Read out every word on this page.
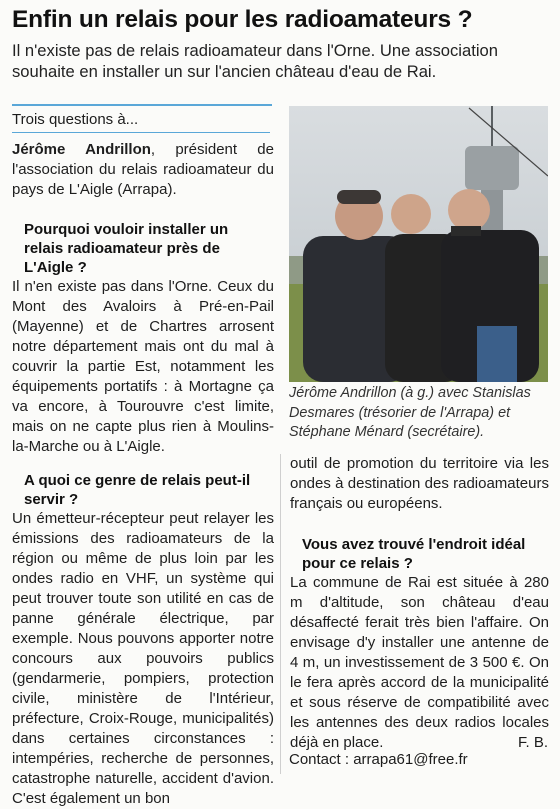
Enfin un relais pour les radioamateurs ?

Il n'existe pas de relais radioamateur dans l'Orne. Une association souhaite en installer un sur l'ancien château d'eau de Rai.

Trois questions à...

Jérôme Andrillon, président de l'association du relais radioamateur du pays de L'Aigle (Arrapa).

Pourquoi vouloir installer un relais radioamateur près de L'Aigle ?

Il n'en existe pas dans l'Orne. Ceux du Mont des Avaloirs à Pré-en-Pail (Mayenne) et de Chartres arrosent notre département mais ont du mal à couvrir la partie Est, notamment les équipements portatifs : à Mortagne ça va encore, à Tourouvre c'est limite, mais on ne capte plus rien à Moulins-la-Marche ou à L'Aigle.

A quoi ce genre de relais peut-il servir ?

Un émetteur-récepteur peut relayer les émissions des radioamateurs de la région ou même de plus loin par les ondes radio en VHF, un système qui peut trouver toute son utilité en cas de panne générale électrique, par exemple. Nous pouvons apporter notre concours aux pouvoirs publics (gendarmerie, pompiers, protection civile, ministère de l'Intérieur, préfecture, Croix-Rouge, municipalités) dans certaines circonstances : intempéries, recherche de personnes, catastrophe naturelle, accident d'avion. C'est également un bon

Jérôme Andrillon (à g.) avec Stanislas Desmares (trésorier de l'Arrapa) et Stéphane Ménard (secrétaire).

outil de promotion du territoire via les ondes à destination des radioamateurs français ou européens.

Vous avez trouvé l'endroit idéal pour ce relais ?

La commune de Rai est située à 280 m d'altitude, son château d'eau désaffecté ferait très bien l'affaire. On envisage d'y installer une antenne de 4 m, un investissement de 3 500 €. On le fera après accord de la municipalité et sous réserve de compatibilité avec les antennes des deux radios locales déjà en place.	F. B.
Contact : arrapa61@free.fr
